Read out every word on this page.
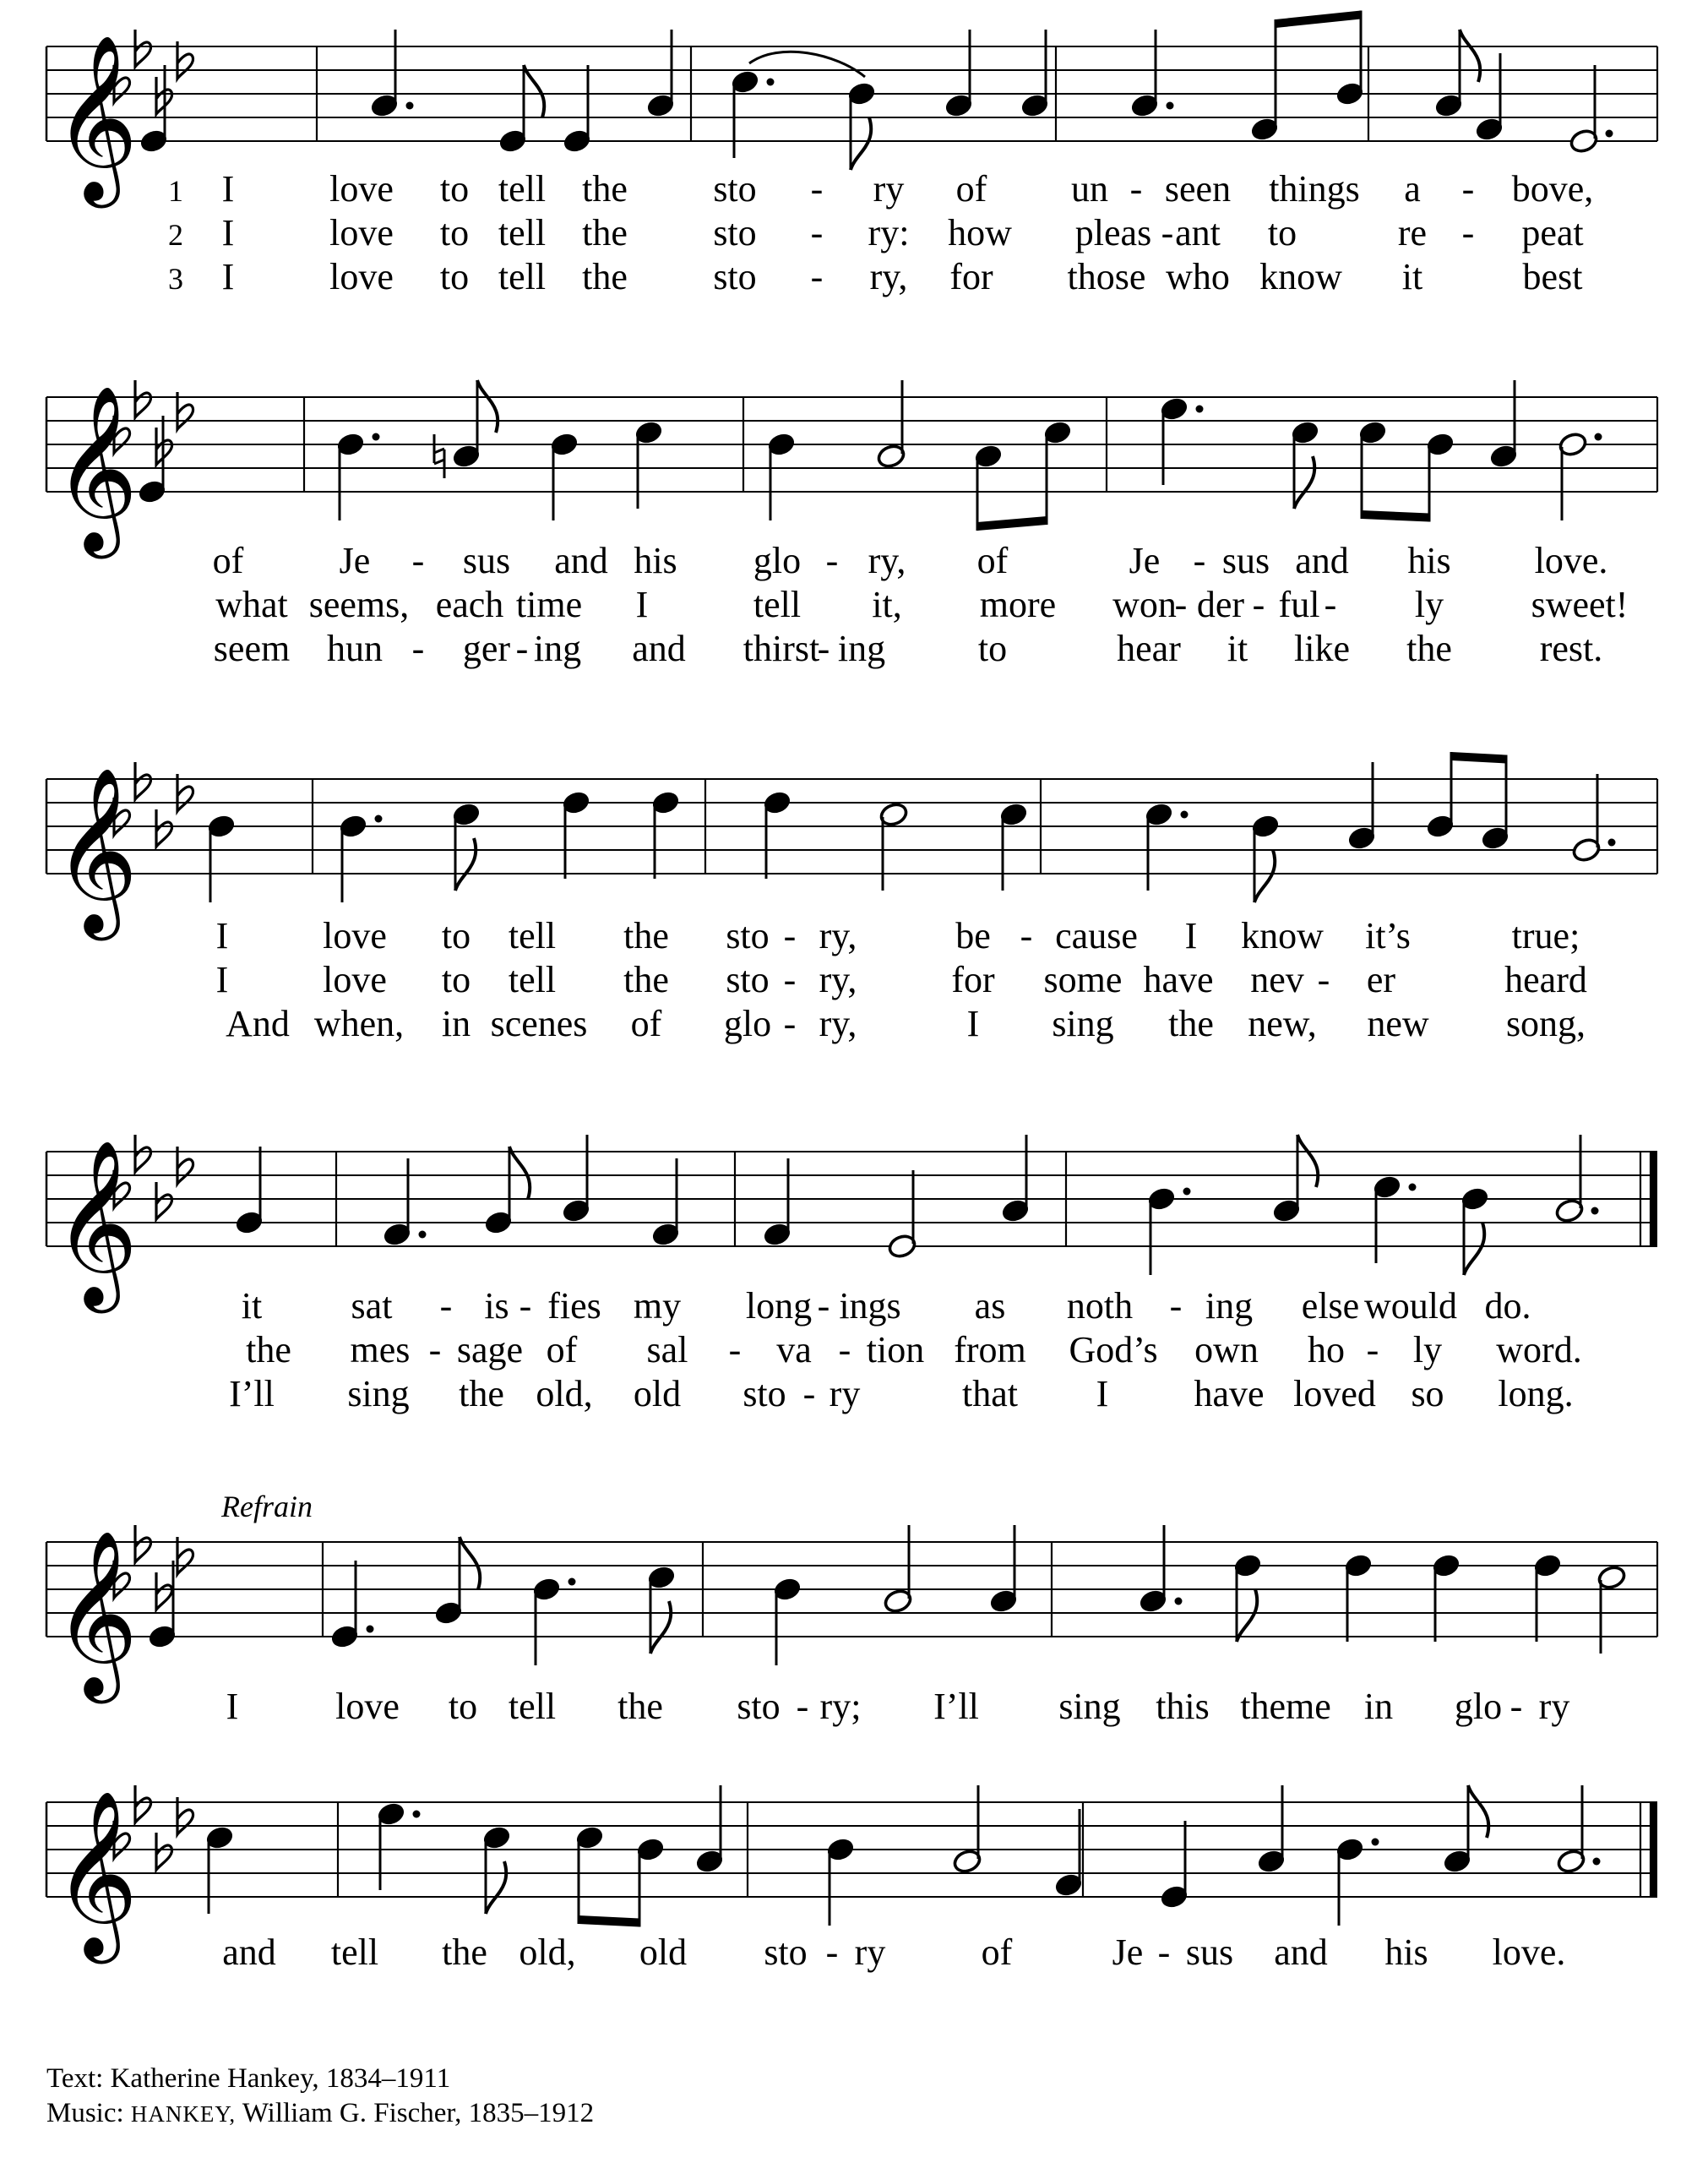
𝄞 1 I	love to tell the sto - ry of un - seen things a - bove,
2 I	love to tell the sto - ry: how pleas - ant to	re - peat
3 I	love to tell the sto - ry, for those who know it	best
𝄞
of	Je - sus and his glo - ry, of	Je - sus and his love.
what seems, each time I	tell it, more won
- der - ful - ly sweet!
seem hun - ger - ing and thirst
- ing to	hear it like the rest.
𝄞
I	love to tell the sto - ry,	be - cause I know it’s	true;
I	love to tell the sto - ry,	for some have nev - er	heard
And when, in scenes of glo - ry,	I sing the new, new song,
𝄞
it sat - is - fies my long - ings as noth - ing else would do.
the mes - sage of sal - va - tion from God’s own ho - ly word.
I’ll sing the old, old sto - ry	that I have loved so long.
𝄞
Refrain
I	love to tell the sto - ry; I’ll sing this theme in glo - ry
𝄞 and tell the old, old sto - ry	of	Je - sus and his love.
Text: Katherine Hankey, 1834–1911
Music: HANKEY, William G. Fischer, 1835–1912
